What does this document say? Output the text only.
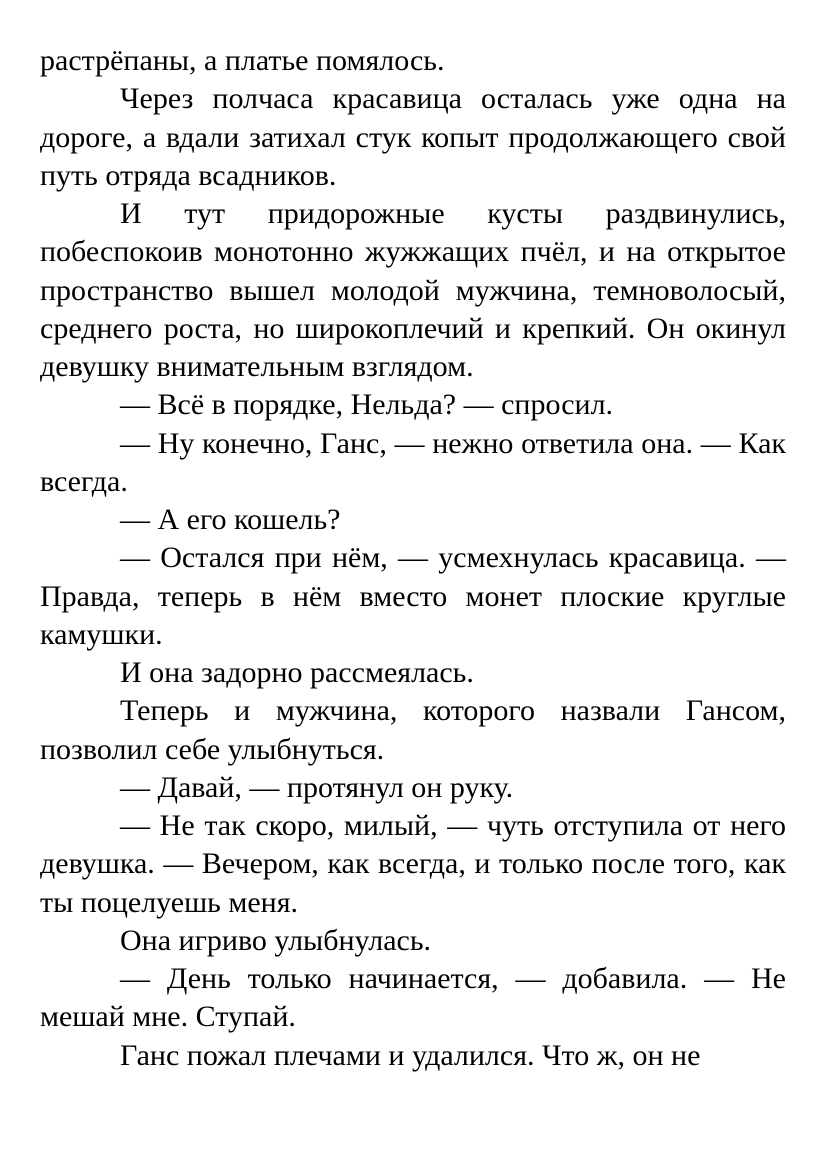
растрёпаны, а платье помялось.

Через полчаса красавица осталась уже одна на дороге, а вдали затихал стук копыт продолжающего свой путь отряда всадников.

И тут придорожные кусты раздвинулись, побеспокоив монотонно жужжащих пчёл, и на открытое пространство вышел молодой мужчина, темноволосый, среднего роста, но широкоплечий и крепкий. Он окинул девушку внимательным взглядом.

— Всё в порядке, Нельда? — спросил.

— Ну конечно, Ганс, — нежно ответила она. — Как всегда.

— А его кошель?

— Остался при нём, — усмехнулась красавица. — Правда, теперь в нём вместо монет плоские круглые камушки.

И она задорно рассмеялась.

Теперь и мужчина, которого назвали Гансом, позволил себе улыбнуться.

— Давай, — протянул он руку.

— Не так скоро, милый, — чуть отступила от него девушка. — Вечером, как всегда, и только после того, как ты поцелуешь меня.

Она игриво улыбнулась.

— День только начинается, — добавила. — Не мешай мне. Ступай.

Ганс пожал плечами и удалился. Что ж, он не
